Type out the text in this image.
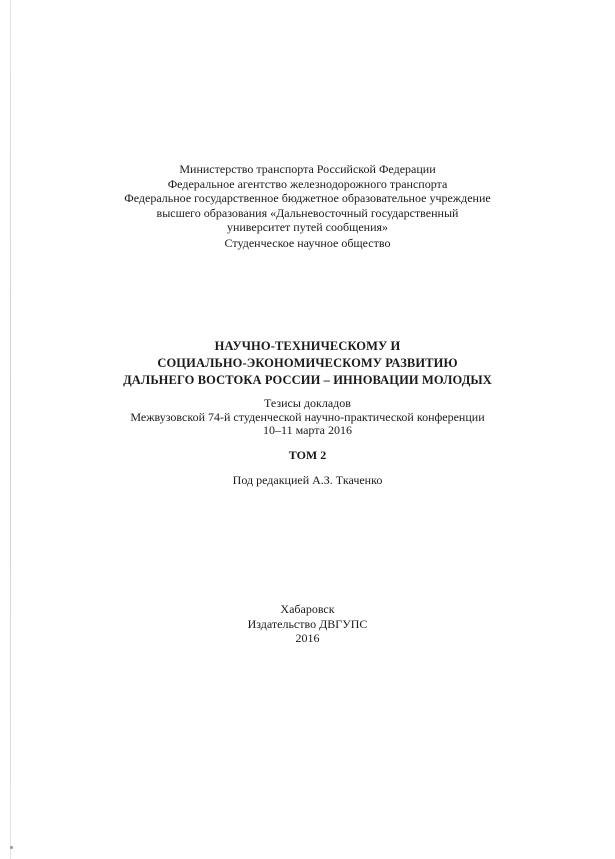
Министерство транспорта Российской Федерации
Федеральное агентство железнодорожного транспорта
Федеральное государственное бюджетное образовательное учреждение
высшего образования «Дальневосточный государственный
университет путей сообщения»
Студенческое научное общество
НАУЧНО-ТЕХНИЧЕСКОМУ И
СОЦИАЛЬНО-ЭКОНОМИЧЕСКОМУ РАЗВИТИЮ
ДАЛЬНЕГО ВОСТОКА РОССИИ – ИННОВАЦИИ МОЛОДЫХ
Тезисы докладов
Межвузовской 74-й студенческой научно-практической конференции
10–11 марта 2016
ТОМ 2
Под редакцией А.З. Ткаченко
Хабаровск
Издательство ДВГУПС
2016
